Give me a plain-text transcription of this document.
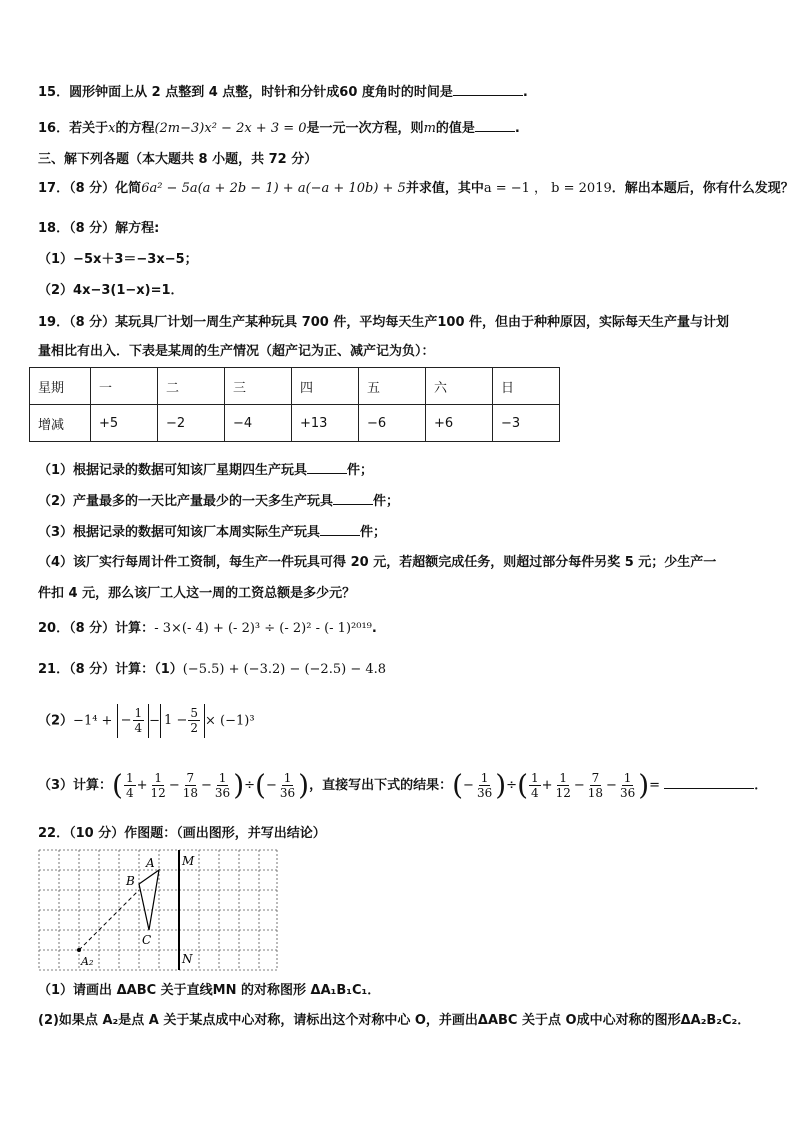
15．圆形钟面上从 2 点整到 4 点整，时针和分针成60 度角时的时间是	.
16．若关于x的方程(2m−3)x² − 2x + 3 = 0是一元一次方程，则m的值是	.
三、解下列各题（本大题共 8 小题，共 72 分）
17．（8 分）化简6a² − 5a(a + 2b − 1) + a(−a + 10b) + 5并求值，其中a = −1 ， b = 2019．解出本题后，你有什么发现？
18．（8 分）解方程:
（1）−5x＋3＝−3x−5；
（2）4x−3(1−x)=1．
19．（8 分）某玩具厂计划一周生产某种玩具 700 件，平均每天生产100 件，但由于种种原因，实际每天生产量与计划
量相比有出入．下表是某周的生产情况（超产记为正、减产记为负）：
星期	一	二	三	四	五	六	日
增减	+5	−2	−4	+13	−6	+6	−3
（1）根据记录的数据可知该厂星期四生产玩具	件；
（2）产量最多的一天比产量最少的一天多生产玩具	件；
（3）根据记录的数据可知该厂本周实际生产玩具	件；
（4）该厂实行每周计件工资制，每生产一件玩具可得 20 元，若超额完成任务，则超过部分每件另奖 5 元；少生产一
件扣 4 元，那么该厂工人这一周的工资总额是多少元？
20．（8 分）计算：- 3×(- 4) + (- 2)³ ÷ (- 2)² - (- 1)²⁰¹⁹.
21．（8 分）计算：（1）(−5.5) + (−3.2) − (−2.5) − 4.8
（2）−1⁴ + − $\frac{1}{4} - 1 - \frac{5}{2} \times (-1)^3$
（3）计算：( $\frac{1}{4} + \frac{1}{12} - \frac{7}{18} - \frac{1}{36}$ )÷(− $\frac{1}{36}$ )，直接写出下式的结果：(− $\frac{1}{36}$ )÷( $\frac{1}{4} + \frac{1}{12} - \frac{7}{18} - \frac{1}{36}$ )=	．
22．（10 分）作图题：（画出图形，并写出结论）
A
B
C
M
N
A₂
（1）请画出 ΔABC 关于直线MN 的对称图形 ΔA₁B₁C₁．
(2)如果点 A₂是点 A 关于某点成中心对称，请标出这个对称中心 O，并画出ΔABC 关于点 O成中心对称的图形ΔA₂B₂C₂．
